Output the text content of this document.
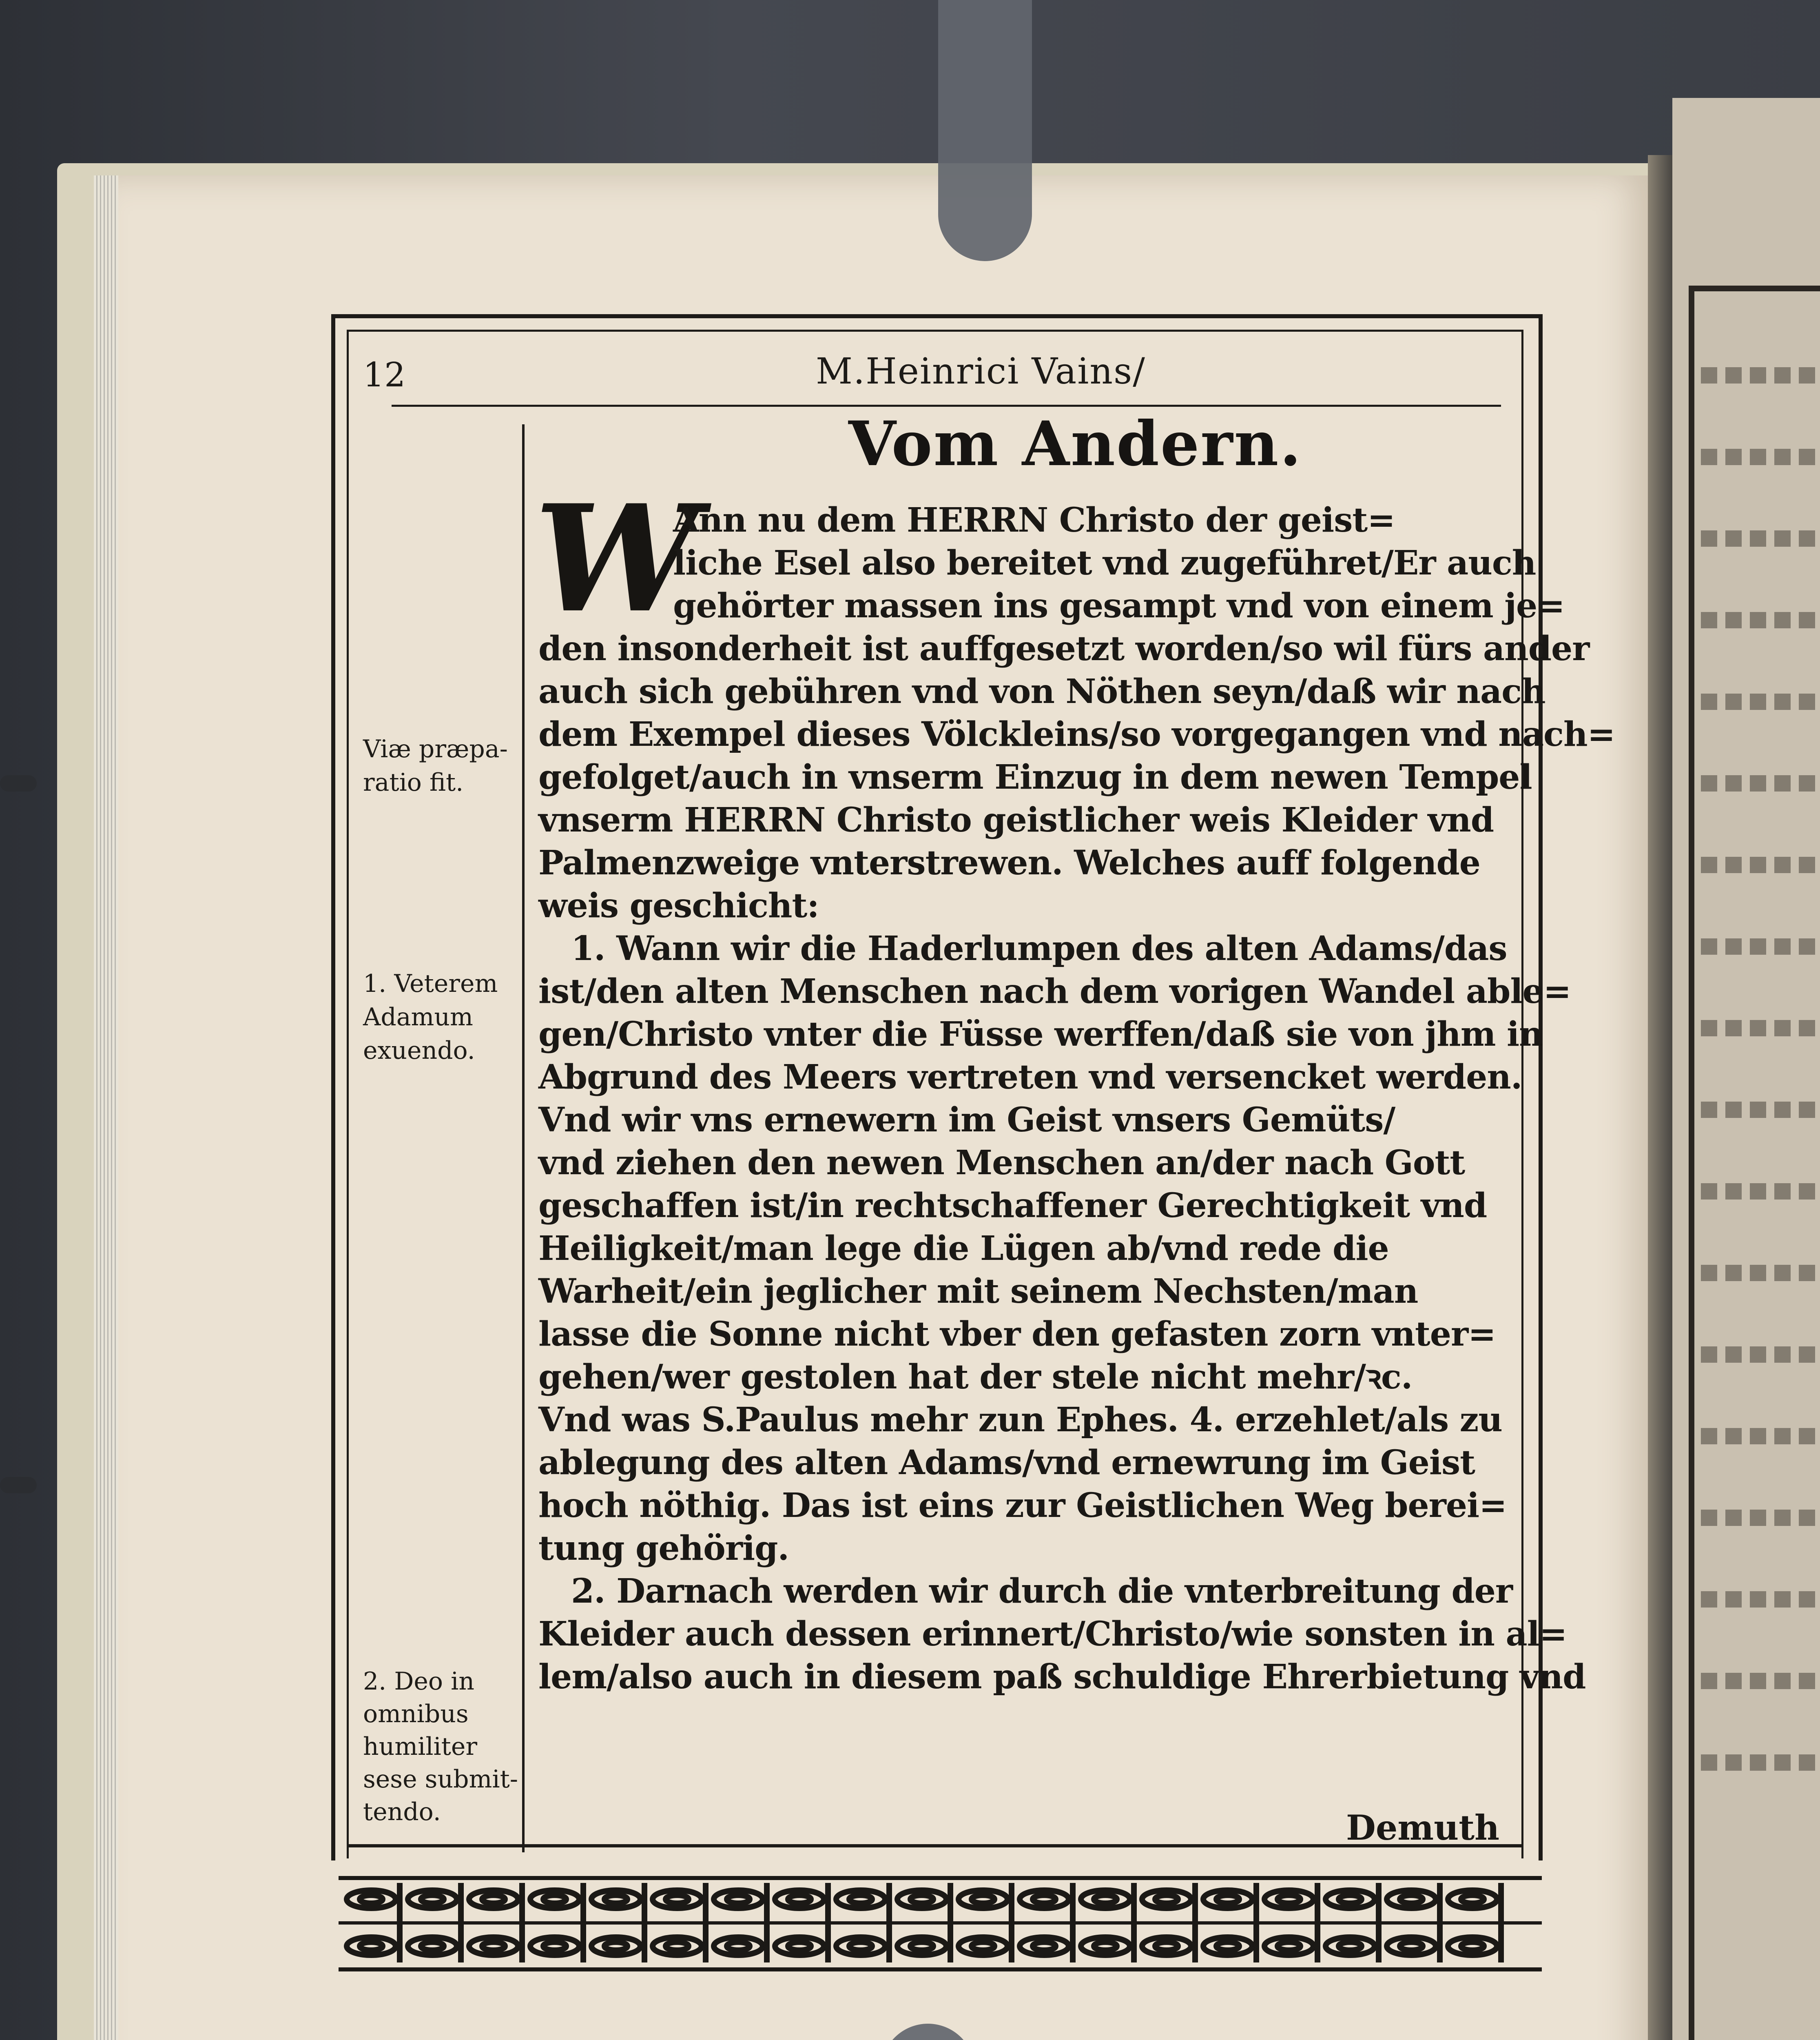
12	M.Heinrici Vains/
Vom Andern.
W
Ann nu dem HERRN Christo der geist=
liche Esel also bereitet vnd zugeführet/Er auch
gehörter massen ins gesampt vnd von einem je=
den insonderheit ist auffgesetzt worden/so wil fürs ander
auch sich gebühren vnd von Nöthen seyn/daß wir nach
dem Exempel dieses Völckleins/so vorgegangen vnd nach=
gefolget/auch in vnserm Einzug in dem newen Tempel
vnserm HERRN Christo geistlicher weis Kleider vnd
Palmenzweige vnterstrewen. Welches auff folgende
weis geschicht:
1. Wann wir die Haderlumpen des alten Adams/das
ist/den alten Menschen nach dem vorigen Wandel able=
gen/Christo vnter die Füsse werffen/daß sie von jhm in
Abgrund des Meers vertreten vnd versencket werden.
Vnd wir vns ernewern im Geist vnsers Gemüts/
vnd ziehen den newen Menschen an/der nach Gott
geschaffen ist/in rechtschaffener Gerechtigkeit vnd
Heiligkeit/man lege die Lügen ab/vnd rede die
Warheit/ein jeglicher mit seinem Nechsten/man
lasse die Sonne nicht vber den gefasten zorn vnter=
gehen/wer gestolen hat der stele nicht mehr/ꝛc.
Vnd was S.Paulus mehr zun Ephes. 4. erzehlet/als zu
ablegung des alten Adams/vnd ernewrung im Geist
hoch nöthig. Das ist eins zur Geistlichen Weg berei=
tung gehörig.
2. Darnach werden wir durch die vnterbreitung der
Kleider auch dessen erinnert/Christo/wie sonsten in al=
lem/also auch in diesem paß schuldige Ehrerbietung vnd
Viæ præpa-
ratio fit.
1. Veterem
Adamum
exuendo.
2. Deo in
omnibus
humiliter
sese submit-
tendo.	Demuth
